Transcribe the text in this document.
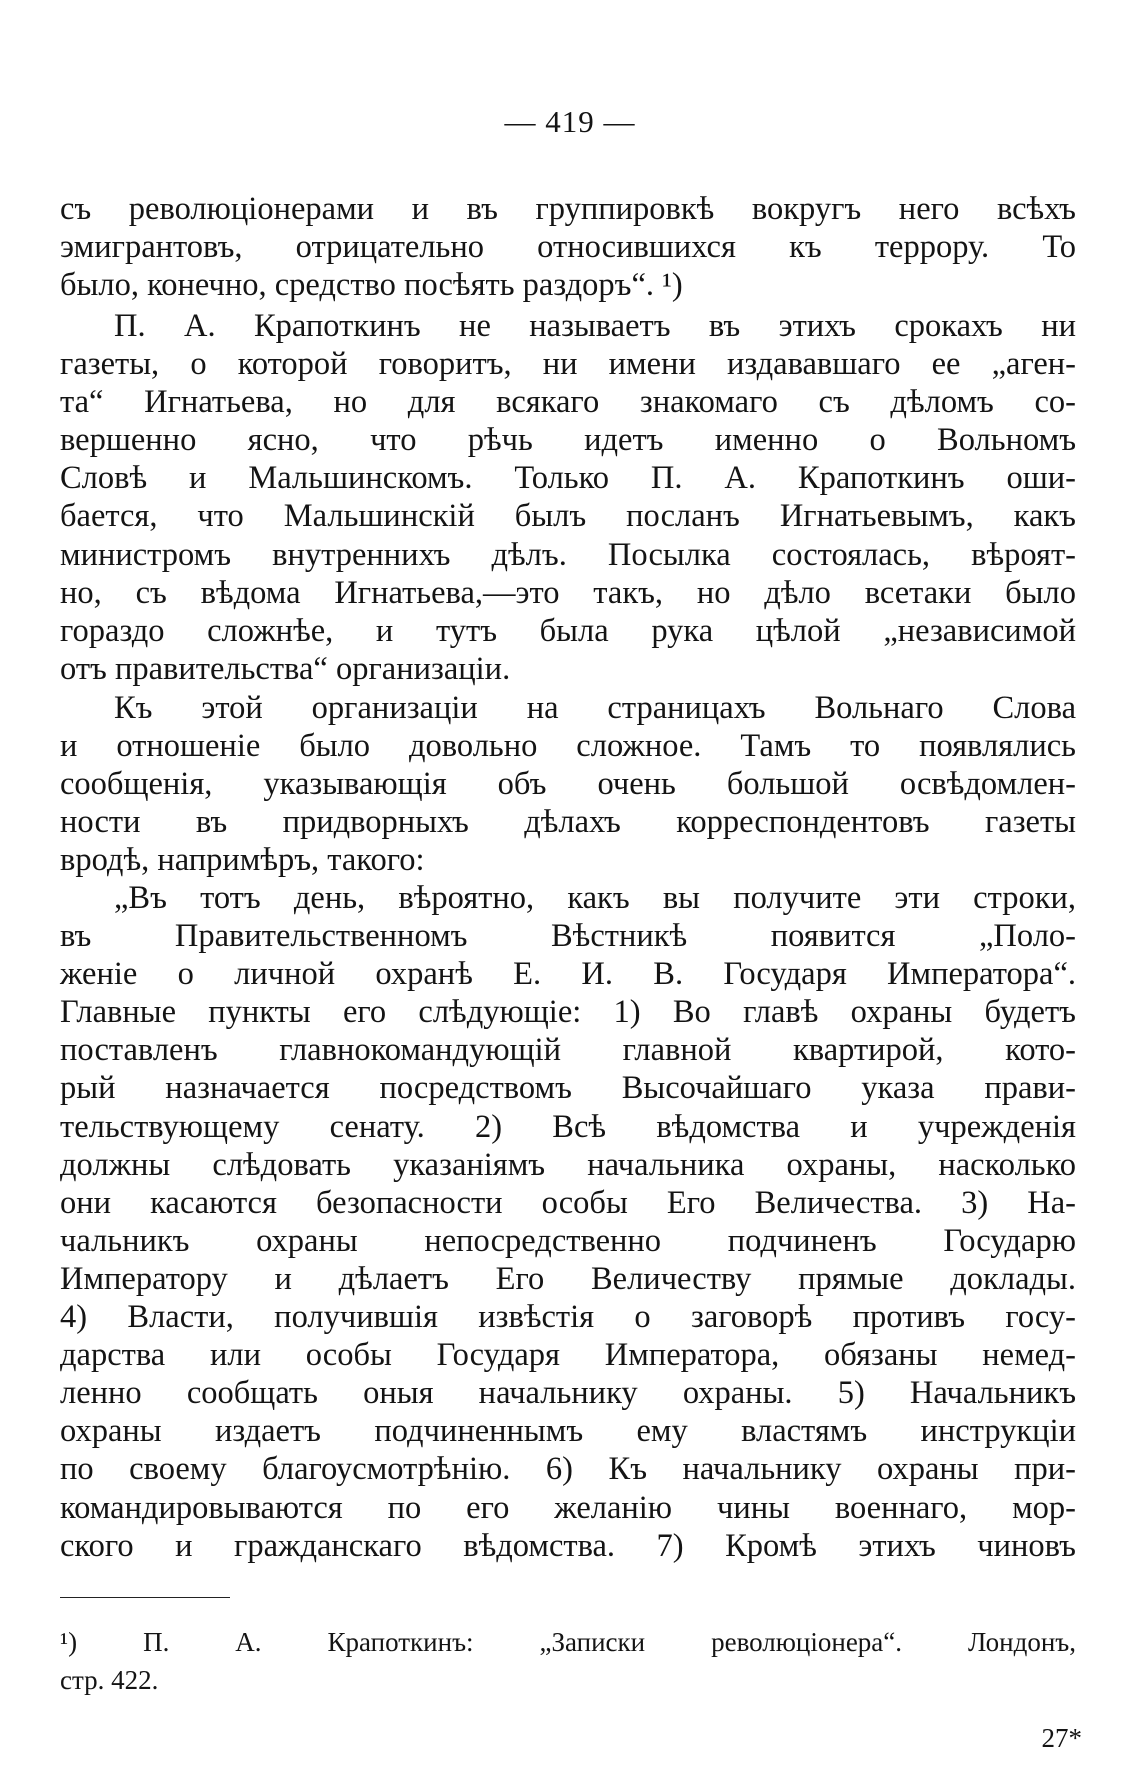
— 419 —
съ революціонерами и въ группировкѣ вокругъ него всѣхъ
эмигрантовъ, отрицательно относившихся къ террору. То
было, конечно, средство посѣять раздоръ“. ¹)
П. А. Крапоткинъ не называетъ въ этихъ срокахъ ни
газеты, о которой говоритъ, ни имени издававшаго ее „аген-
та“ Игнатьева, но для всякаго знакомаго съ дѣломъ со-
вершенно ясно, что рѣчь идетъ именно о Вольномъ
Словѣ и Мальшинскомъ. Только П. А. Крапоткинъ оши-
бается, что Мальшинскій былъ посланъ Игнатьевымъ, какъ
министромъ внутреннихъ дѣлъ. Посылка состоялась, вѣроят-
но, съ вѣдома Игнатьева,—это такъ, но дѣло всетаки было
гораздо сложнѣе, и тутъ была рука цѣлой „независимой
отъ правительства“ организаціи.
Къ этой организаціи на страницахъ Вольнаго Слова
и отношеніе было довольно сложное. Тамъ то появлялись
сообщенія, указывающія объ очень большой освѣдомлен-
ности въ придворныхъ дѣлахъ корреспондентовъ газеты
вродѣ, напримѣръ, такого:
„Въ тотъ день, вѣроятно, какъ вы получите эти строки,
въ Правительственномъ Вѣстникѣ появится „Поло-
женіе о личной охранѣ Е. И. В. Государя Императора“.
Главные пункты его слѣдующіе: 1) Во главѣ охраны будетъ
поставленъ главнокомандующій главной квартирой, кото-
рый назначается посредствомъ Высочайшаго указа прави-
тельствующему сенату. 2) Всѣ вѣдомства и учрежденія
должны слѣдовать указаніямъ начальника охраны, насколько
они касаются безопасности особы Его Величества. 3) На-
чальникъ охраны непосредственно подчиненъ Государю
Императору и дѣлаетъ Его Величеству прямые доклады.
4) Власти, получившія извѣстія о заговорѣ противъ госу-
дарства или особы Государя Императора, обязаны немед-
ленно сообщать оныя начальнику охраны. 5) Начальникъ
охраны издаетъ подчиненнымъ ему властямъ инструкціи
по своему благоусмотрѣнію. 6) Къ начальнику охраны при-
командировываются по его желанію чины военнаго, мор-
ского и гражданскаго вѣдомства. 7) Кромѣ этихъ чиновъ
¹) П. А. Крапоткинъ: „Записки революціонера“. Лондонъ,
стр. 422.
27*
